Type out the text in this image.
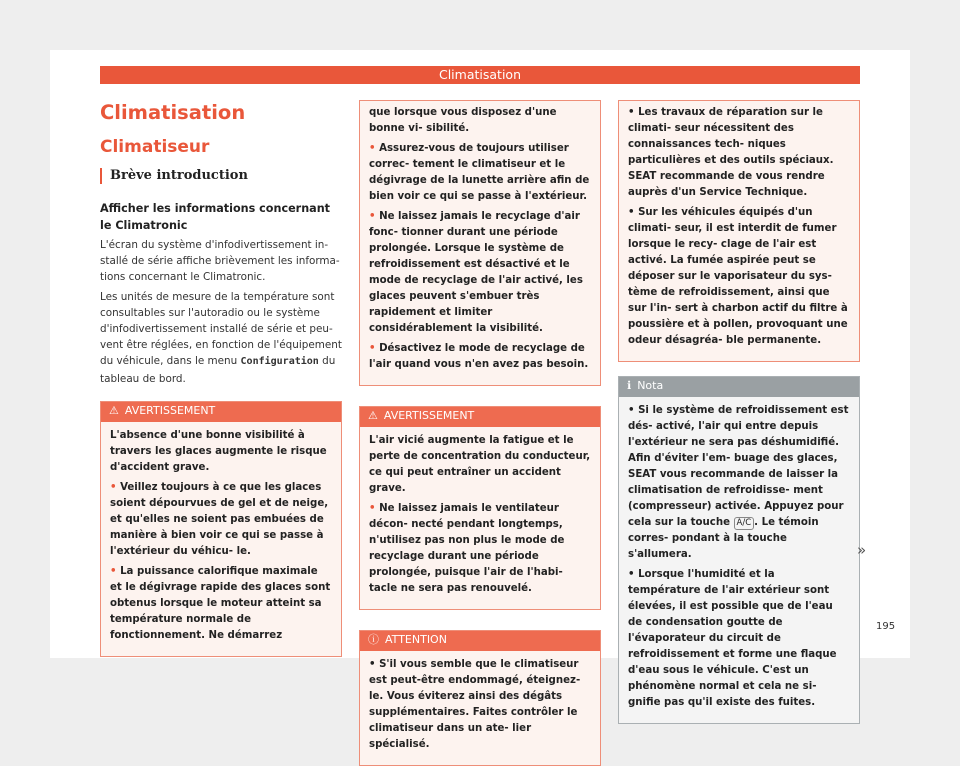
Climatisation
Climatisation
Climatiseur
Brève introduction
Afficher les informations concernant le Climatronic
L'écran du système d'infodivertissement in- stallé de série affiche brièvement les informa- tions concernant le Climatronic.
Les unités de mesure de la température sont consultables sur l'autoradio ou le système d'infodivertissement installé de série et peu- vent être réglées, en fonction de l'équipement du véhicule, dans le menu Configuration du tableau de bord.
⚠ AVERTISSEMENT
L'absence d'une bonne visibilité à travers les glaces augmente le risque d'accident grave.
• Veillez toujours à ce que les glaces soient dépourvues de gel et de neige, et qu'elles ne soient pas embuées de manière à bien voir ce qui se passe à l'extérieur du véhicu- le.
• La puissance calorifique maximale et le dégivrage rapide des glaces sont obtenus lorsque le moteur atteint sa température normale de fonctionnement. Ne démarrez
que lorsque vous disposez d'une bonne vi- sibilité.
• Assurez-vous de toujours utiliser correc- tement le climatiseur et le dégivrage de la lunette arrière afin de bien voir ce qui se passe à l'extérieur.
• Ne laissez jamais le recyclage d'air fonc- tionner durant une période prolongée. Lorsque le système de refroidissement est désactivé et le mode de recyclage de l'air activé, les glaces peuvent s'embuer très rapidement et limiter considérablement la visibilité.
• Désactivez le mode de recyclage de l'air quand vous n'en avez pas besoin.
⚠ AVERTISSEMENT
L'air vicié augmente la fatigue et le perte de concentration du conducteur, ce qui peut entraîner un accident grave.
• Ne laissez jamais le ventilateur décon- necté pendant longtemps, n'utilisez pas non plus le mode de recyclage durant une période prolongée, puisque l'air de l'habi- tacle ne sera pas renouvelé.
ⓘ ATTENTION
• S'il vous semble que le climatiseur est peut-être endommagé, éteignez-le. Vous éviterez ainsi des dégâts supplémentaires. Faites contrôler le climatiseur dans un ate- lier spécialisé.
• Les travaux de réparation sur le climati- seur nécessitent des connaissances tech- niques particulières et des outils spéciaux. SEAT recommande de vous rendre auprès d'un Service Technique.
• Sur les véhicules équipés d'un climati- seur, il est interdit de fumer lorsque le recy- clage de l'air est activé. La fumée aspirée peut se déposer sur le vaporisateur du sys- tème de refroidissement, ainsi que sur l'in- sert à charbon actif du filtre à poussière et à pollen, provoquant une odeur désagréa- ble permanente.
ℹ Nota
• Si le système de refroidissement est dés- activé, l'air qui entre depuis l'extérieur ne sera pas déshumidifié. Afin d'éviter l'em- buage des glaces, SEAT vous recommande de laisser la climatisation de refroidisse- ment (compresseur) activée. Appuyez pour cela sur la touche A/C . Le témoin corres- pondant à la touche s'allumera.
• Lorsque l'humidité et la température de l'air extérieur sont élevées, il est possible que de l'eau de condensation goutte de l'évaporateur du circuit de refroidissement et forme une flaque d'eau sous le véhicule. C'est un phénomène normal et cela ne si- gnifie pas qu'il existe des fuites.
»
195
